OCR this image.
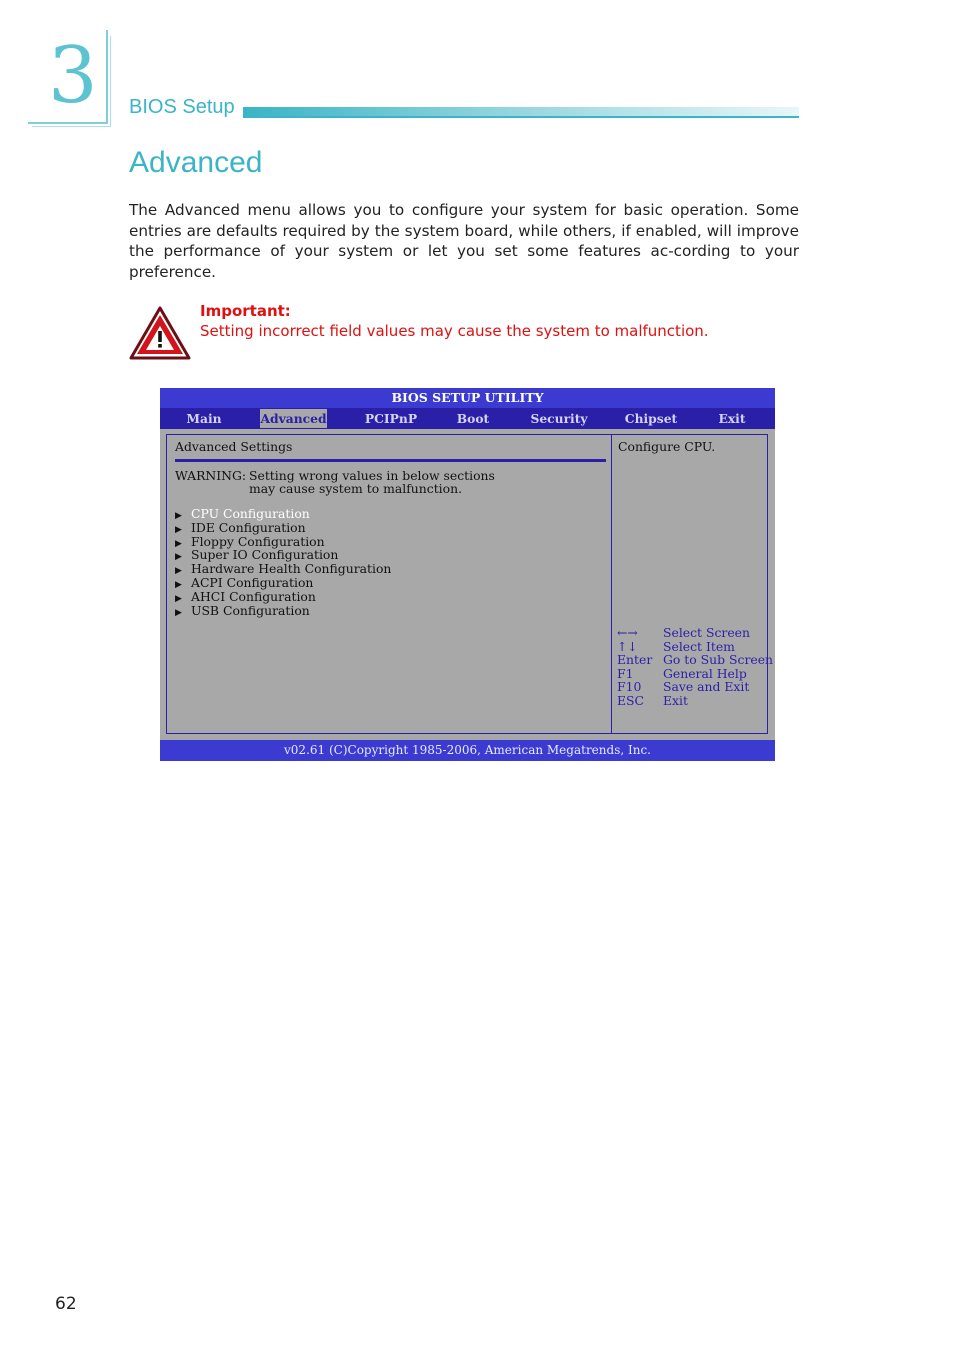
3 BIOS Setup
Advanced
The Advanced menu allows you to configure your system for basic operation. Some entries are defaults required by the system board, while others, if enabled, will improve the performance of your system or let you set some features ac-cording to your preference.
Important:
Setting incorrect field values may cause the system to malfunction.
BIOS SETUP UTILITY
Main	Advanced	PCIPnP	Boot	Security	Chipset	Exit
Advanced Settings
WARNING: Setting wrong values in below sections
may cause system to malfunction.
▶ CPU Configuration
▶ IDE Configuration
▶ Floppy Configuration
▶ Super IO Configuration
▶ Hardware Health Configuration
▶ ACPI Configuration
▶ AHCI Configuration
▶ USB Configuration
Configure CPU.
←→ Select Screen
↑↓ Select Item
Enter Go to Sub Screen
F1 General Help
F10 Save and Exit
ESC Exit
v02.61 (C)Copyright 1985-2006, American Megatrends, Inc.
62
